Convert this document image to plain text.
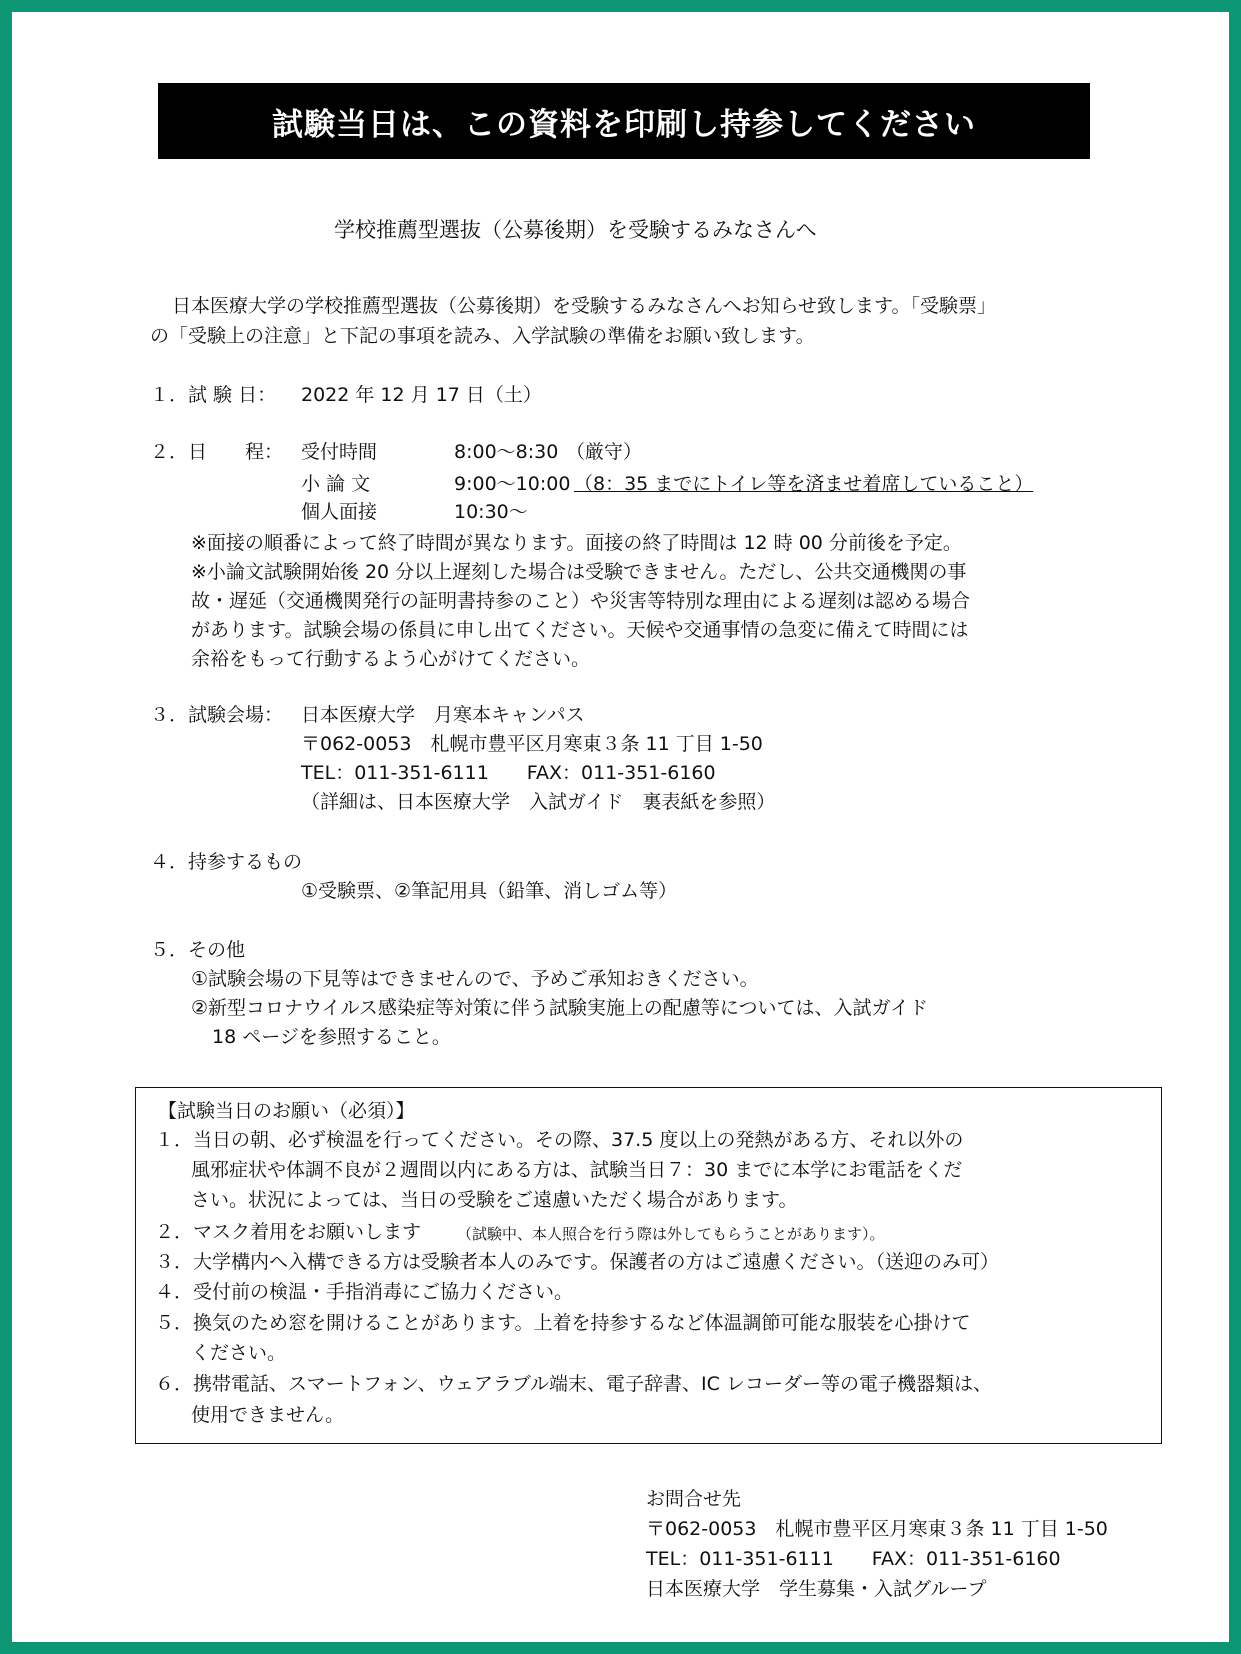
試験当日は、この資料を印刷し持参してください
学校推薦型選抜（公募後期）を受験するみなさんへ
日本医療大学の学校推薦型選抜（公募後期）を受験するみなさんへお知らせ致します。「受験票」
の「受験上の注意」と下記の事項を読み、入学試験の準備をお願い致します。
１．試 験 日： 2022 年 12 月 17 日（土）
２．日　　程： 受付時間	8:00～8:30 （厳守）
小 論 文	9:00～10:00 （8：35 までにトイレ等を済ませ着席していること）
個人面接	10:30～
※面接の順番によって終了時間が異なります。面接の終了時間は 12 時 00 分前後を予定。
※小論文試験開始後 20 分以上遅刻した場合は受験できません。ただし、公共交通機関の事
故・遅延（交通機関発行の証明書持参のこと）や災害等特別な理由による遅刻は認める場合
があります。試験会場の係員に申し出てください。天候や交通事情の急変に備えて時間には
余裕をもって行動するよう心がけてください。
３．試験会場： 日本医療大学　月寒本キャンパス
〒062-0053　札幌市豊平区月寒東３条 11 丁目 1-50
TEL：011-351-6111　　FAX：011-351-6160
（詳細は、日本医療大学　入試ガイド　裏表紙を参照）
４．持参するもの
①受験票、②筆記用具（鉛筆、消しゴム等）
５．その他
①試験会場の下見等はできませんので、予めご承知おきください。
②新型コロナウイルス感染症等対策に伴う試験実施上の配慮等については、入試ガイド
18 ページを参照すること。
【試験当日のお願い（必須）】
１．当日の朝、必ず検温を行ってください。その際、37.5 度以上の発熱がある方、それ以外の
風邪症状や体調不良が２週間以内にある方は、試験当日７：30 までに本学にお電話をくだ
さい。状況によっては、当日の受験をご遠慮いただく場合があります。
２．マスク着用をお願いします （試験中、本人照合を行う際は外してもらうことがあります）。
３．大学構内へ入構できる方は受験者本人のみです。保護者の方はご遠慮ください。（送迎のみ可）
４．受付前の検温・手指消毒にご協力ください。
５．換気のため窓を開けることがあります。上着を持参するなど体温調節可能な服装を心掛けて
ください。
６．携帯電話、スマートフォン、ウェアラブル端末、電子辞書、IC レコーダー等の電子機器類は、
使用できません。
お問合せ先
〒062-0053　札幌市豊平区月寒東３条 11 丁目 1-50
TEL：011-351-6111　　FAX：011-351-6160
日本医療大学　学生募集・入試グループ
